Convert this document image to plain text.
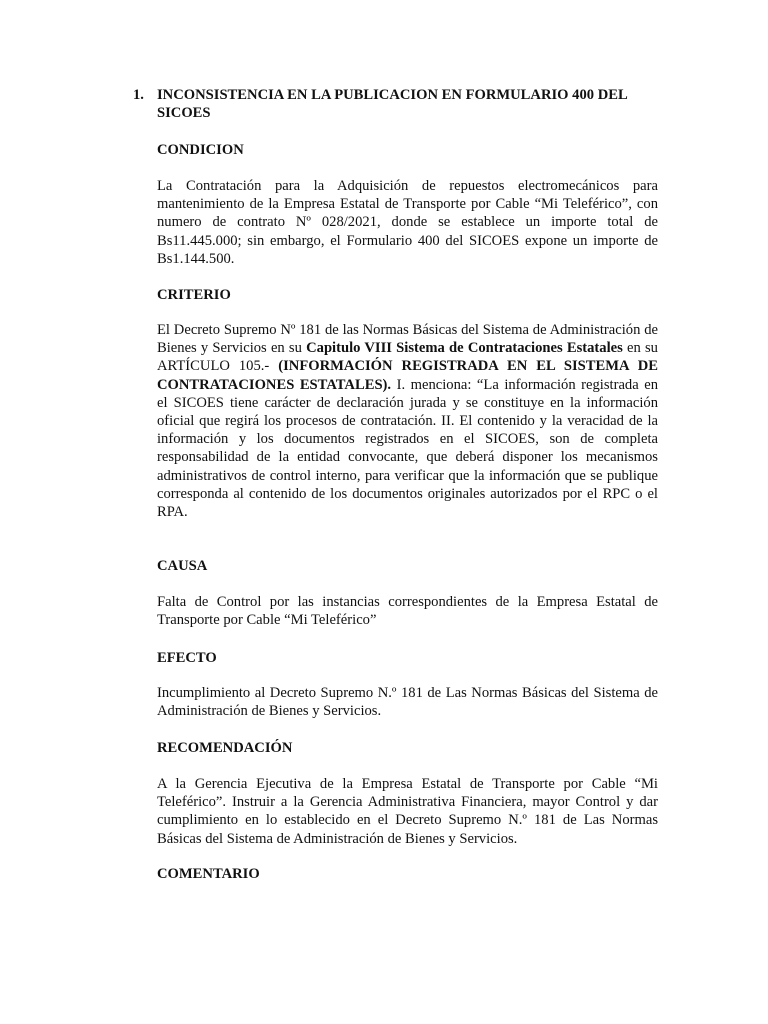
1. INCONSISTENCIA EN LA PUBLICACION EN FORMULARIO 400 DEL SICOES
CONDICION
La Contratación para la Adquisición de repuestos electromecánicos para mantenimiento de la Empresa Estatal de Transporte por Cable “Mi Teleférico”, con numero de contrato Nº 028/2021, donde se establece un importe total de Bs11.445.000; sin embargo, el Formulario 400 del SICOES expone un importe de Bs1.144.500.
CRITERIO
El Decreto Supremo Nº 181 de las Normas Básicas del Sistema de Administración de Bienes y Servicios en su Capitulo VIII Sistema de Contrataciones Estatales en su ARTÍCULO 105.- (INFORMACIÓN REGISTRADA EN EL SISTEMA DE CONTRATACIONES ESTATALES). I. menciona: “La información registrada en el SICOES tiene carácter de declaración jurada y se constituye en la información oficial que regirá los procesos de contratación. II. El contenido y la veracidad de la información y los documentos registrados en el SICOES, son de completa responsabilidad de la entidad convocante, que deberá disponer los mecanismos administrativos de control interno, para verificar que la información que se publique corresponda al contenido de los documentos originales autorizados por el RPC o el RPA.
CAUSA
Falta de Control por las instancias correspondientes de la Empresa Estatal de Transporte por Cable “Mi Teleférico”
EFECTO
Incumplimiento al Decreto Supremo N.º 181 de Las Normas Básicas del Sistema de Administración de Bienes y Servicios.
RECOMENDACIÓN
A la Gerencia Ejecutiva de la Empresa Estatal de Transporte por Cable “Mi Teleférico”. Instruir a la Gerencia Administrativa Financiera, mayor Control y dar cumplimiento en lo establecido en el Decreto Supremo N.º 181 de Las Normas Básicas del Sistema de Administración de Bienes y Servicios.
COMENTARIO
